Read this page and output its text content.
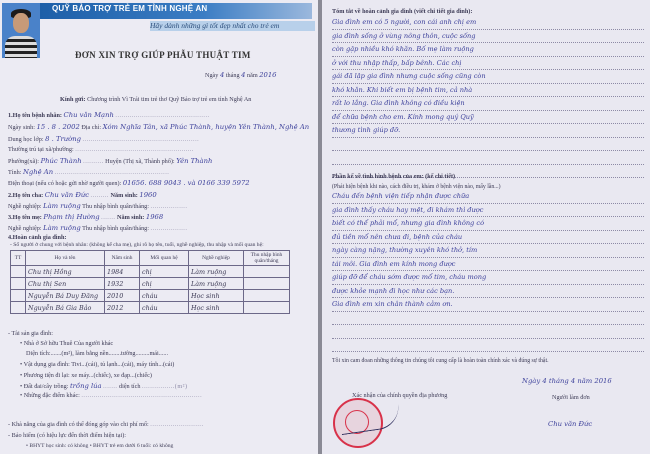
QUỸ BẢO TRỢ TRẺ EM TỈNH NGHỆ AN
Hãy dành những gì tốt đẹp nhất cho trẻ em
ĐƠN XIN TRỢ GIÚP PHẪU THUẬT TIM
Ngày 4 tháng 4 năm 2016
Kính gửi: Chương trình Vì Trái tim trẻ thơ Quỹ Bảo trợ trẻ em tỉnh Nghệ An
1.Họ tên bệnh nhân: Chu văn Mạnh ..............................................
Ngày sinh: 15 . 8 . 2002 Địa chỉ: Xóm Nghĩa Tân, xã Phúc Thành, huyện Yên Thành, Nghệ An
Dung học lớp: 8 . Trường .........................................................
Thường trú tại xã/phường: ..........................................................
Phường(xã): Phúc Thành .......... Huyện (Thị xã, Thành phố): Yên Thành
Tỉnh: Nghệ An ........................................................
Điện thoại (nếu có hoặc gửi nhờ người quen): 01656. 688 9043 . và 0166 339 5972
2.Họ tên cha: Chu văn Đức ......... Năm sinh: 1960
Nghề nghiệp: Làm ruộng Thu nhập bình quân/tháng: ..................
3.Họ tên mẹ: Phạm thị Hường ....... Năm sinh: 1968
Nghề nghiệp: Làm ruộng Thu nhập bình quân/tháng: ..................
4.Hoàn cảnh gia đình:
- Số người ở chung với bệnh nhân: (không kể cha mẹ), ghi rõ họ tên, tuổi, nghề nghiệp, thu nhập và mối quan hệ:
TT	Họ và tên	Năm sinh	Mối quan hệ	Nghề nghiệp	Thu nhập bình quân/tháng
	Chu thị Hồng	1984	chị	Làm ruộng	
	Chu thị Sen	1932	chị	Làm ruộng	
	Nguyễn Bá Duy Đăng	2010	cháu	Học sinh	
	Nguyễn Bá Gia Bảo	2012	cháu	Học sinh	
- Tài sản gia đình:
• Nhà ở Sở hữu Thuê Của người khác
Diện tích:.......(m²), làm bằng nền........tường.........mái......
• Vật dụng gia đình: Tivi...(cái), tủ lạnh...(cái), máy tính...(cái)
• Phương tiện đi lại: xe máy...(chiếc), xe đạp...(chiếc)
• Đất đai/cây trồng: trồng lúa ....... diện tích ................(m²)
• Những đặc điểm khác: ...........................................................
- Khả năng của gia đình có thể đóng góp vào chi phí mổ: ..........................
- Bảo hiểm (có hiệu lực đến thời điểm hiện tại):
• BHYT học sinh: có không • BHYT trẻ em dưới 6 tuổi: có không
Tóm tắt về hoàn cảnh gia đình (viết chi tiết gia đình):
Gia đình em có 5 người, con cái anh chị em
gia đình sống ở vùng nông thôn, cuộc sống
còn gặp nhiều khó khăn. Bố mẹ làm ruộng
ở với thu nhập thấp, bấp bênh. Các chị
gái đã lập gia đình nhưng cuộc sống cũng còn
khó khăn. Khi biết em bị bệnh tim, cả nhà
rất lo lắng. Gia đình không có điều kiện
để chữa bệnh cho em. Kính mong quý Quỹ
thương tình giúp đỡ.
Phần kể về tình hình bệnh của em: (kể chi tiết)
(Phát hiện bệnh khi nào, cách điều trị, khám ở bệnh viện nào, mấy lần...)
Cháu đến bệnh viện tiếp nhận được chữa
gia đình thấy cháu hay mệt, đi khám thì được
biết có thể phải mổ, nhưng gia đình không có
đủ tiền mổ nên chưa đi, bệnh của cháu
ngày càng nặng, thường xuyên khó thở, tím
tái môi. Gia đình em kính mong được
giúp đỡ để cháu sớm được mổ tim, cháu mong
được khỏe mạnh đi học như các bạn.
Gia đình em xin chân thành cảm ơn.
Tôi xin cam đoan những thông tin chúng tôi cung cấp là hoàn toàn chính xác và đúng sự thật.
Ngày 4 tháng 4 năm 2016
Xác nhận của chính quyền địa phương	Người làm đơn
Chu văn Đức
